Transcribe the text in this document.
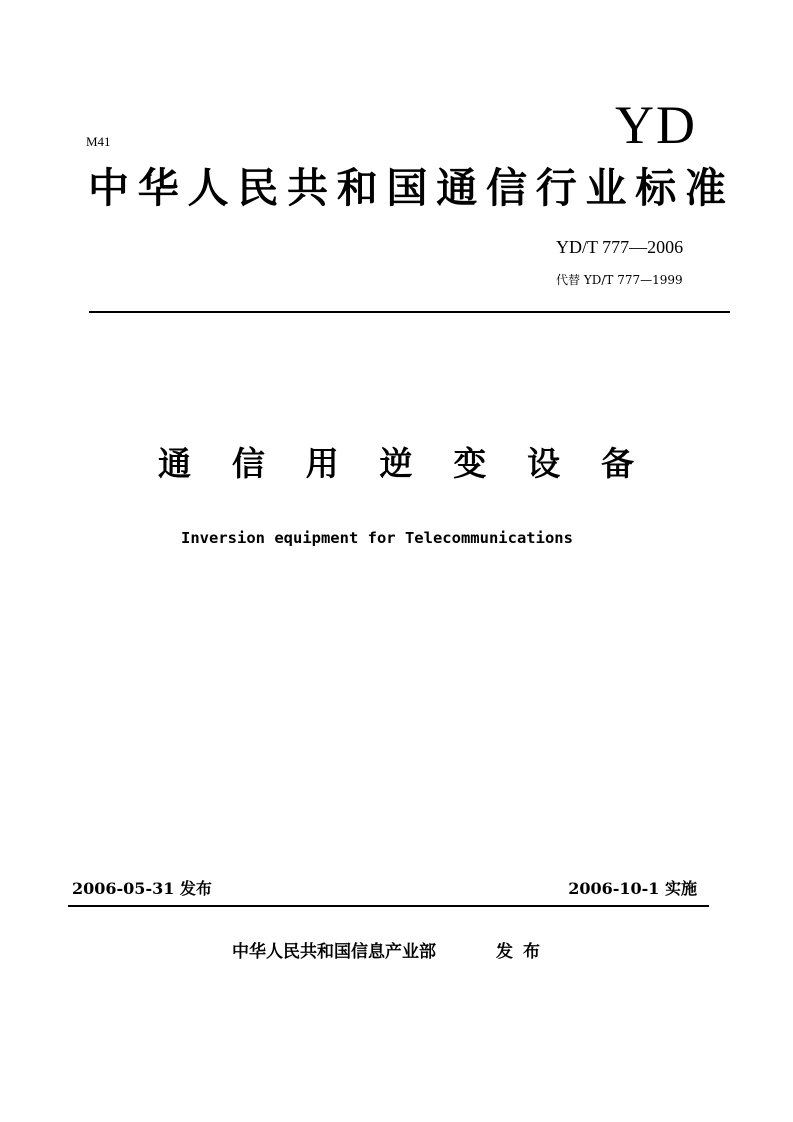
M41	YD
中 华 人 民 共 和 国 通 信 行 业 标 准
YD/T 777—2006
代替 YD/T 777—1999
通 信 用 逆 变 设 备
Inversion equipment for Telecommunications
2006-05-31 发布	2006-10-1 实施
中华人民共和国信息产业部	发布
